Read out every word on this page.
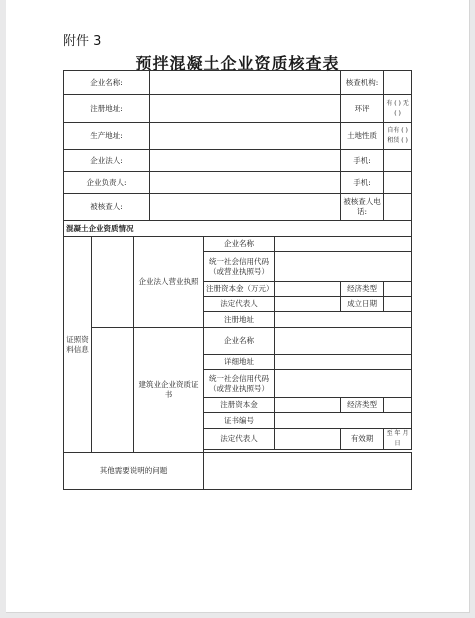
附件 3
预拌混凝土企业资质核查表
企业名称:						核查机构:	
注册地址:						环评	有 ( ) 无 ( )
生产地址:						土地性质	自有 ( ) 租赁 ( )
企业法人:						手机:	
企业负责人:						手机:	
被核查人:						被核查人电话:	
混凝土企业资质情况							
证照资料信息		企业法人营业执照		企业名称			
				统一社会信用代码（或营业执照号）			
				注册资本金（万元）		经济类型	
				法定代表人		成立日期	
				注册地址			

		建筑业企业资质证书		企业名称			
				详细地址			
				统一社会信用代码（或营业执照号）			
				注册资本金		经济类型	
				证书编号			
				法定代表人		有效期	至 年 月 日

其他需要说明的问题							
